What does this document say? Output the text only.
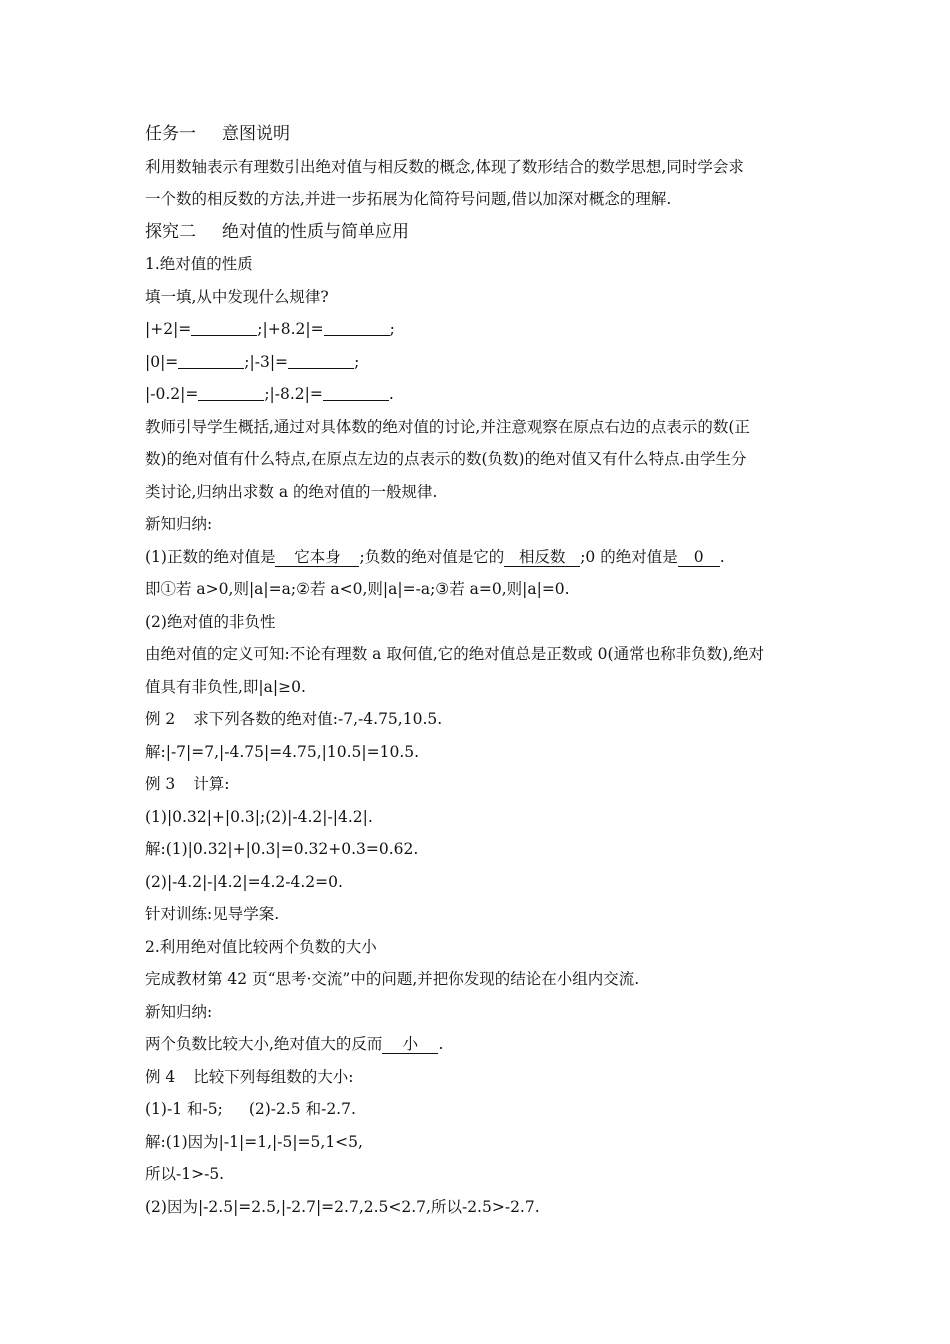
任务一 意图说明
利用数轴表示有理数引出绝对值与相反数的概念,体现了数形结合的数学思想,同时学会求
一个数的相反数的方法,并进一步拓展为化简符号问题,借以加深对概念的理解.
探究二 绝对值的性质与简单应用
1.绝对值的性质
填一填,从中发现什么规律?
|+2|=	;|+8.2|=	;
|0|=	;|-3|=	;
|-0.2|=	;|-8.2|=	.
教师引导学生概括,通过对具体数的绝对值的讨论,并注意观察在原点右边的点表示的数(正
数)的绝对值有什么特点,在原点左边的点表示的数(负数)的绝对值又有什么特点.由学生分
类讨论,归纳出求数 a 的绝对值的一般规律.
新知归纳:
(1)正数的绝对值是 它本身 ;负数的绝对值是它的 相反数 ;0 的绝对值是 0 .
即①若 a>0,则|a|=a;②若 a<0,则|a|=-a;③若 a=0,则|a|=0.
(2)绝对值的非负性
由绝对值的定义可知:不论有理数 a 取何值,它的绝对值总是正数或 0(通常也称非负数),绝对
值具有非负性,即|a|≥0.
例 2 求下列各数的绝对值:-7,-4.75,10.5.
解:|-7|=7,|-4.75|=4.75,|10.5|=10.5.
例 3 计算:
(1)|0.32|+|0.3|;(2)|-4.2|-|4.2|.
解:(1)|0.32|+|0.3|=0.32+0.3=0.62.
(2)|-4.2|-|4.2|=4.2-4.2=0.
针对训练:见导学案.
2.利用绝对值比较两个负数的大小
完成教材第 42 页“思考·交流”中的问题,并把你发现的结论在小组内交流.
新知归纳:
两个负数比较大小,绝对值大的反而 小 .
例 4 比较下列每组数的大小:
(1)-1 和-5; (2)-2.5 和-2.7.
解:(1)因为|-1|=1,|-5|=5,1<5,
所以-1>-5.
(2)因为|-2.5|=2.5,|-2.7|=2.7,2.5<2.7,所以-2.5>-2.7.
